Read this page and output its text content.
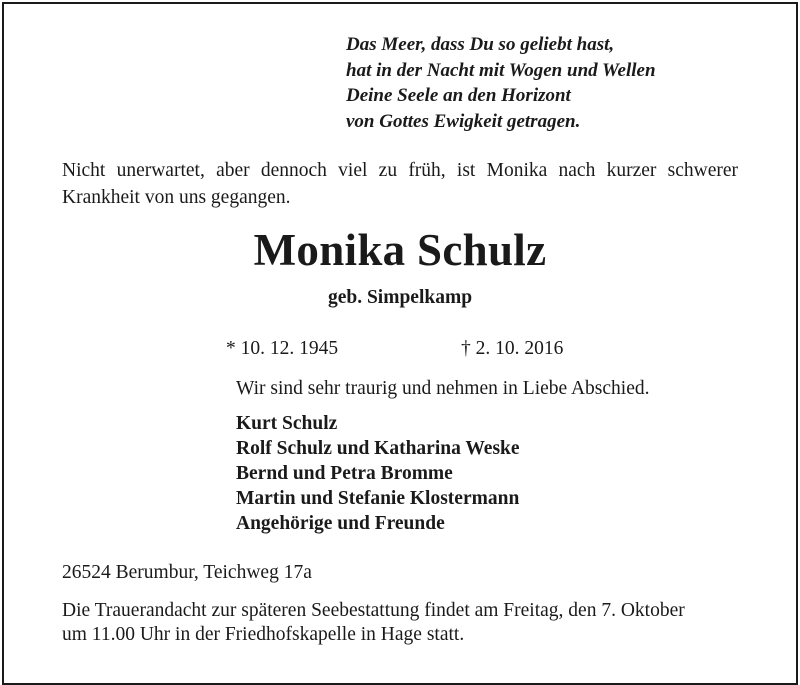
Das Meer, dass Du so geliebt hast,
hat in der Nacht mit Wogen und Wellen
Deine Seele an den Horizont
von Gottes Ewigkeit getragen.
Nicht unerwartet, aber dennoch viel zu früh, ist Monika nach kurzer schwerer Krankheit von uns gegangen.
Monika Schulz
geb. Simpelkamp
* 10. 12. 1945	† 2. 10. 2016
Wir sind sehr traurig und nehmen in Liebe Abschied.
Kurt Schulz
Rolf Schulz und Katharina Weske
Bernd und Petra Bromme
Martin und Stefanie Klostermann
Angehörige und Freunde
26524 Berumbur, Teichweg 17a
Die Trauerandacht zur späteren Seebestattung findet am Freitag, den 7. Oktober
um 11.00 Uhr in der Friedhofskapelle in Hage statt.
